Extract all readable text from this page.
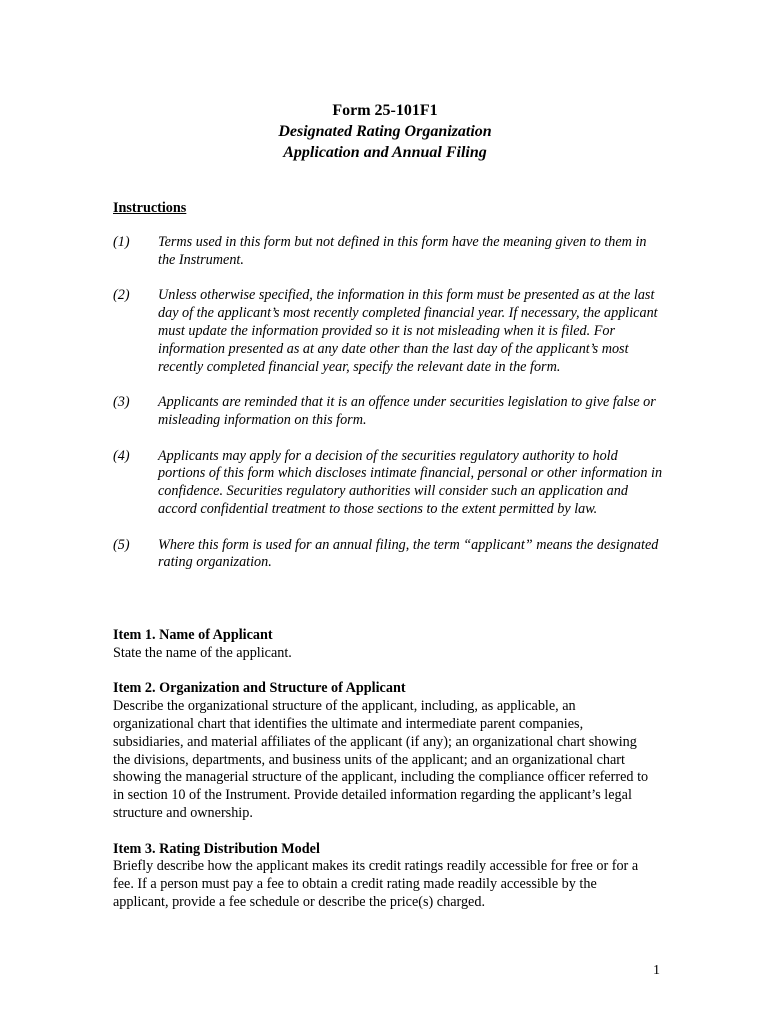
Form 25-101F1
Designated Rating Organization
Application and Annual Filing
Instructions
(1)	Terms used in this form but not defined in this form have the meaning given to them in the Instrument.
(2)	Unless otherwise specified, the information in this form must be presented as at the last day of the applicant’s most recently completed financial year. If necessary, the applicant must update the information provided so it is not misleading when it is filed. For information presented as at any date other than the last day of the applicant’s most recently completed financial year, specify the relevant date in the form.
(3)	Applicants are reminded that it is an offence under securities legislation to give false or misleading information on this form.
(4)	Applicants may apply for a decision of the securities regulatory authority to hold portions of this form which discloses intimate financial, personal or other information in confidence. Securities regulatory authorities will consider such an application and accord confidential treatment to those sections to the extent permitted by law.
(5)	Where this form is used for an annual filing, the term “applicant” means the designated rating organization.
Item 1. Name of Applicant
State the name of the applicant.
Item 2. Organization and Structure of Applicant
Describe the organizational structure of the applicant, including, as applicable, an organizational chart that identifies the ultimate and intermediate parent companies, subsidiaries, and material affiliates of the applicant (if any); an organizational chart showing the divisions, departments, and business units of the applicant; and an organizational chart showing the managerial structure of the applicant, including the compliance officer referred to in section 10 of the Instrument. Provide detailed information regarding the applicant’s legal structure and ownership.
Item 3. Rating Distribution Model
Briefly describe how the applicant makes its credit ratings readily accessible for free or for a fee. If a person must pay a fee to obtain a credit rating made readily accessible by the applicant, provide a fee schedule or describe the price(s) charged.
1
